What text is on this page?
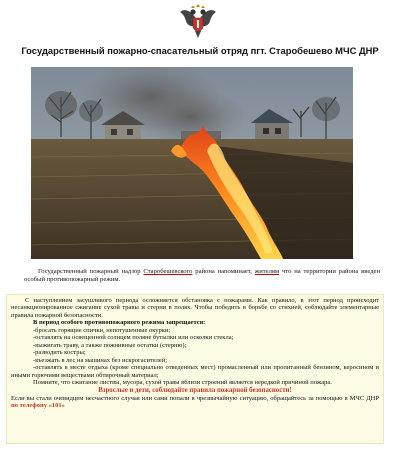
Государственный пожарно-спасательный отряд пгт. Старобешево МЧС ДНР
Государственный пожарный надзор Старобешевского района напоминает, жителям что на территории района введен особый противопожарный режим.

С наступлением засушливого периода осложняется обстановка с пожарами. Как правило, в этот период происходит несанкционированное сжигание сухой травы и стерни в полях. Чтобы победить в борьбе со стихией, соблюдайте элементарные правила пожарной безопасности.

В период особого противопожарного режима запрещается:

-бросать горящие спички, непотушенные окурки;

-оставлять на освещенной солнцем поляне бутылки или осколки стекла;

-выжигать траву, а также пожнивные остатки (стерню);

-разводить костры;

-въезжать в лес на машинах без искрогасителей;

-оставлять в месте отдыха (кроме специально отведенных мест) промасленный или пропитанный бензином, керосином и иными горючими веществами обтирочный материал;

Помните, что сжигание листвы, мусора, сухой травы вблизи строений является нередкой причиной пожара.

Взрослые и дети, соблюдайте правила пожарной безопасности!

Если вы стали очевидцем несчастного случая или сами попали в чрезвычайную ситуацию, обращайтесь за помощью в МЧС ДНР по телефону «101»
